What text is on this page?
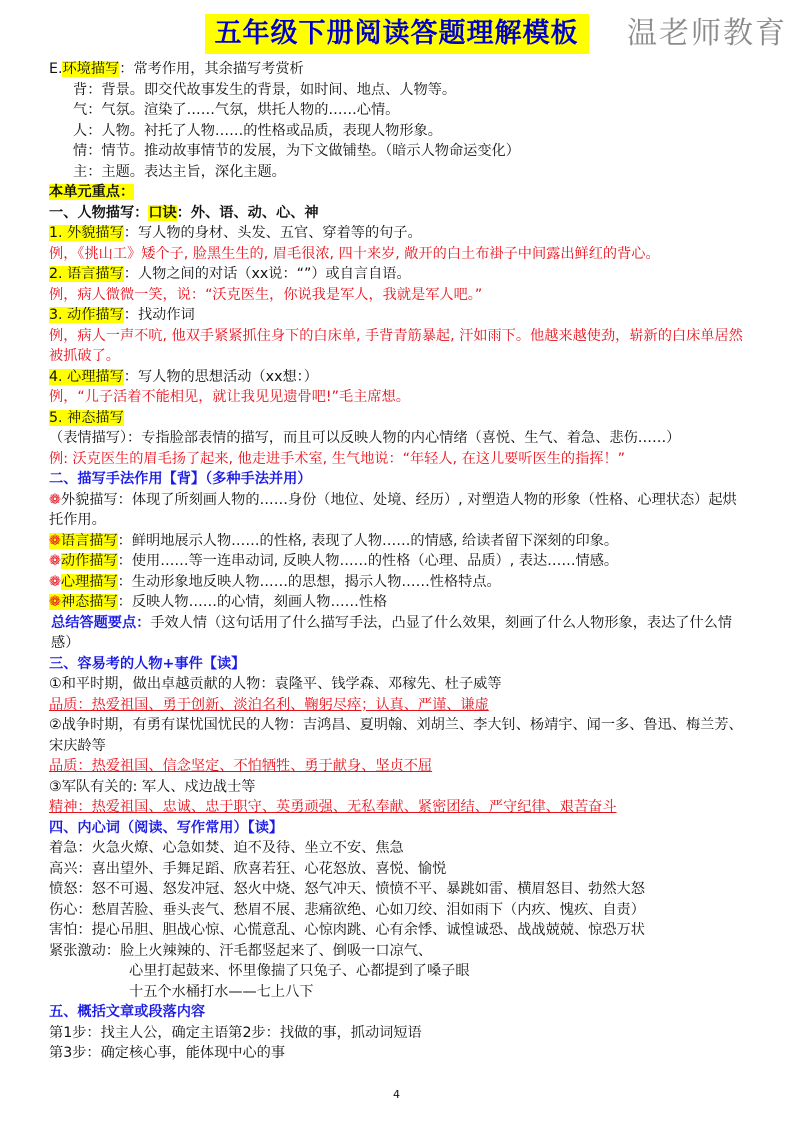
五年级下册阅读答题理解模板	温老师教育

E.环境描写：常考作用，其余描写考赏析

背：背景。即交代故事发生的背景，如时间、地点、人物等。

气：气氛。渲染了……气氛，烘托人物的……心情。

人：人物。衬托了人物……的性格或品质，表现人物形象。

情：情节。推动故事情节的发展，为下文做铺垫。（暗示人物命运变化）

主：主题。表达主旨，深化主题。

本单元重点：

一、人物描写：口诀：外、语、动、心、神

1. 外貌描写：写人物的身材、头发、五官、穿着等的句子。

例，《挑山工》矮个子, 脸黑生生的, 眉毛很浓, 四十来岁, 敞开的白土布褂子中间露出鲜红的背心。

2. 语言描写：人物之间的对话（xx说：“”）或自言自语。

例，病人微微一笑，说：“沃克医生，你说我是军人，我就是军人吧。”

3. 动作描写：找动作词

例，病人一声不吭, 他双手紧紧抓住身下的白床单, 手背青筋暴起, 汗如雨下。他越来越使劲，崭新的白床单居然被抓破了。

4. 心理描写：写人物的思想活动（xx想：）

例，“儿子活着不能相见，就让我见见遗骨吧!”毛主席想。

5. 神态描写（表情描写）：专指脸部表情的描写，而且可以反映人物的内心情绪（喜悦、生气、着急、悲伤……）

例: 沃克医生的眉毛扬了起来, 他走进手术室, 生气地说：“年轻人, 在这儿要听医生的指挥！”

二、描写手法作用【背】（多种手法并用）

❁外貌描写：体现了所刻画人物的……身份（地位、处境、经历）, 对塑造人物的形象（性格、心理状态）起烘托作用。

❁语言描写：鲜明地展示人物……的性格, 表现了人物……的情感, 给读者留下深刻的印象。

❁动作描写：使用……等一连串动词, 反映人物……的性格（心理、品质）, 表达……情感。

❁心理描写：生动形象地反映人物……的思想，揭示人物……性格特点。

❁神态描写：反映人物……的心情，刻画人物……性格

总结答题要点：手效人情（这句话用了什么描写手法，凸显了什么效果，刻画了什么人物形象，表达了什么情感）

三、容易考的人物+事件【读】

①和平时期，做出卓越贡献的人物：袁隆平、钱学森、邓稼先、杜子威等

品质：热爱祖国、勇于创新、淡泊名利、鞠躬尽瘁；认真、严谨、谦虚

②战争时期，有勇有谋忧国忧民的人物：吉鸿昌、夏明翰、刘胡兰、李大钊、杨靖宇、闻一多、鲁迅、梅兰芳、宋庆龄等

品质：热爱祖国、信念坚定、不怕牺牲、勇于献身、坚贞不屈

③军队有关的: 军人、戍边战士等

精神：热爱祖国、忠诚、忠于职守、英勇顽强、无私奉献、紧密团结、严守纪律、艰苦奋斗

四、内心词（阅读、写作常用）【读】

着急：火急火燎、心急如焚、迫不及待、坐立不安、焦急

高兴：喜出望外、手舞足蹈、欣喜若狂、心花怒放、喜悦、愉悦

愤怒：怒不可遏、怒发冲冠、怒火中烧、怒气冲天、愤愤不平、暴跳如雷、横眉怒目、勃然大怒

伤心：愁眉苦脸、垂头丧气、愁眉不展、悲痛欲绝、心如刀绞、泪如雨下（内疚、愧疚、自责）

害怕：提心吊胆、胆战心惊、心慌意乱、心惊肉跳、心有余悸、诚惶诚恐、战战兢兢、惊恐万状

紧张激动：脸上火辣辣的、汗毛都竖起来了、倒吸一口凉气、

心里打起鼓来、怀里像揣了只兔子、心都提到了嗓子眼

十五个水桶打水——七上八下

五、概括文章或段落内容

第1步：找主人公，确定主语第2步：找做的事，抓动词短语

第3步：确定核心事，能体现中心的事

4
